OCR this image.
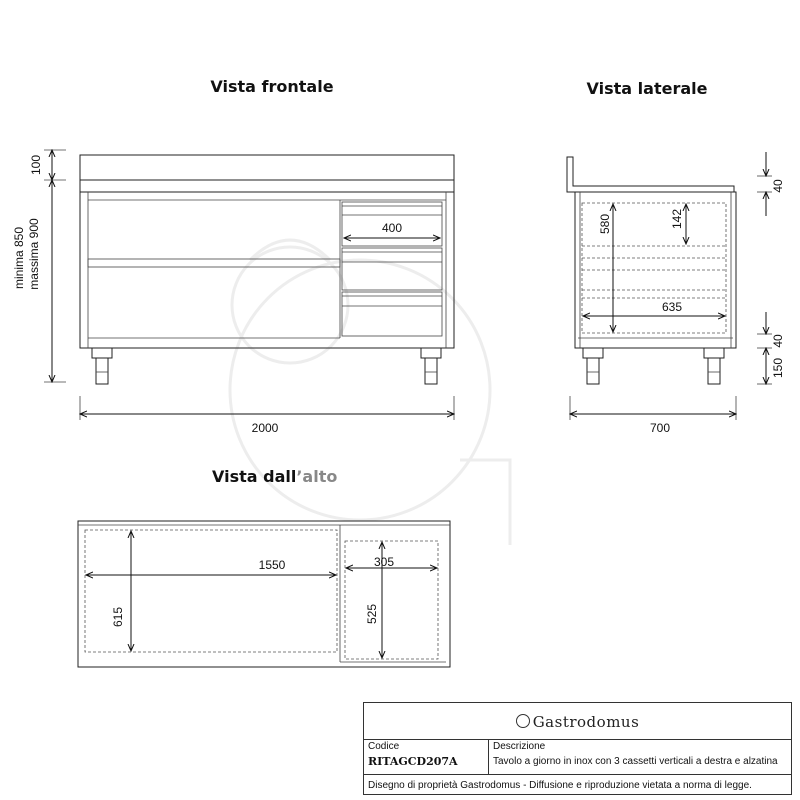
Vista frontale	Vista laterale
Vista dall’alto
400
100
minima 850 massima 900
2000
580	142
635
40
40
150
700
1550
615
305
525
Gastrodomus
Codice
RITAGCD207A
Descrizione
Tavolo a giorno in inox con 3 cassetti verticali a destra e alzatina
Disegno di proprietà Gastrodomus - Diffusione e riproduzione vietata a norma di legge.
